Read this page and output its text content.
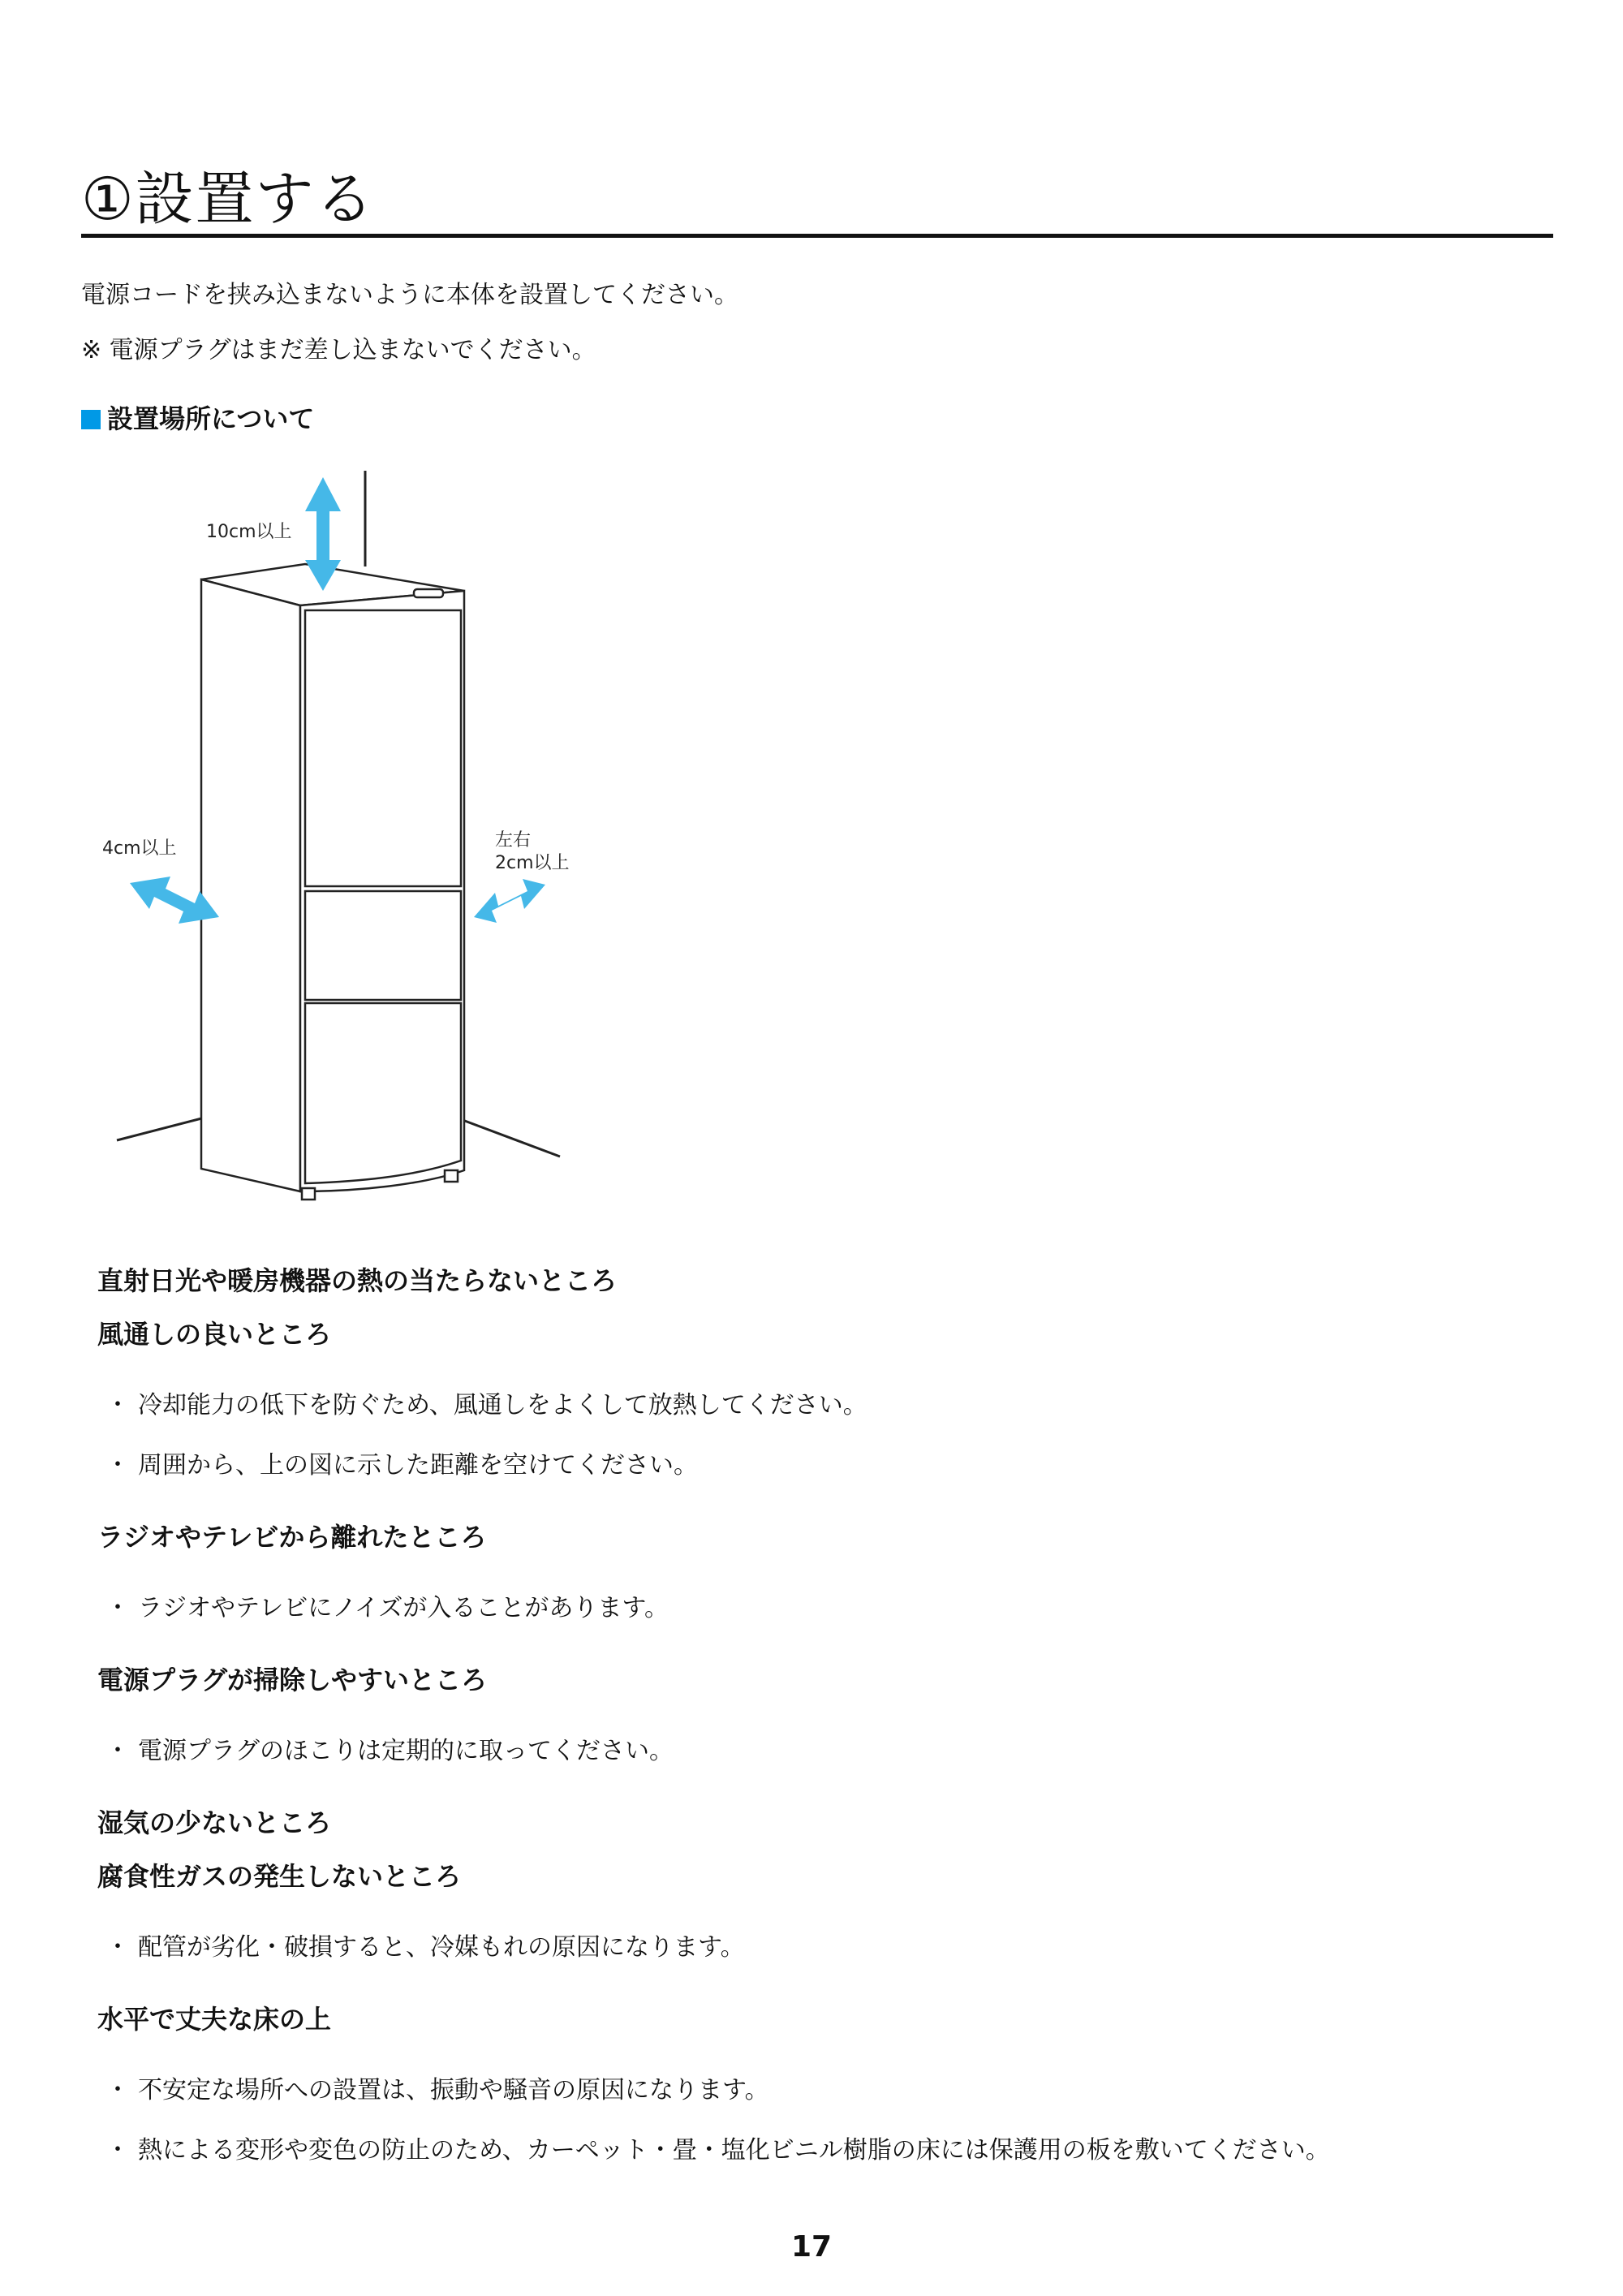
①設置する
電源コードを挟み込まないように本体を設置してください。
※ 電源プラグはまだ差し込まないでください。
設置場所について
10cm以上
4cm以上	左右
2cm以上
直射日光や暖房機器の熱の当たらないところ
風通しの良いところ
・ 冷却能力の低下を防ぐため、風通しをよくして放熱してください。
・ 周囲から、上の図に示した距離を空けてください。
ラジオやテレビから離れたところ
・ ラジオやテレビにノイズが入ることがあります。
電源プラグが掃除しやすいところ
・ 電源プラグのほこりは定期的に取ってください。
湿気の少ないところ
腐食性ガスの発生しないところ
・ 配管が劣化・破損すると、冷媒もれの原因になります。
水平で丈夫な床の上
・ 不安定な場所への設置は、振動や騒音の原因になります。
・ 熱による変形や変色の防止のため、カーペット・畳・塩化ビニル樹脂の床には保護用の板を敷いてください。
17
